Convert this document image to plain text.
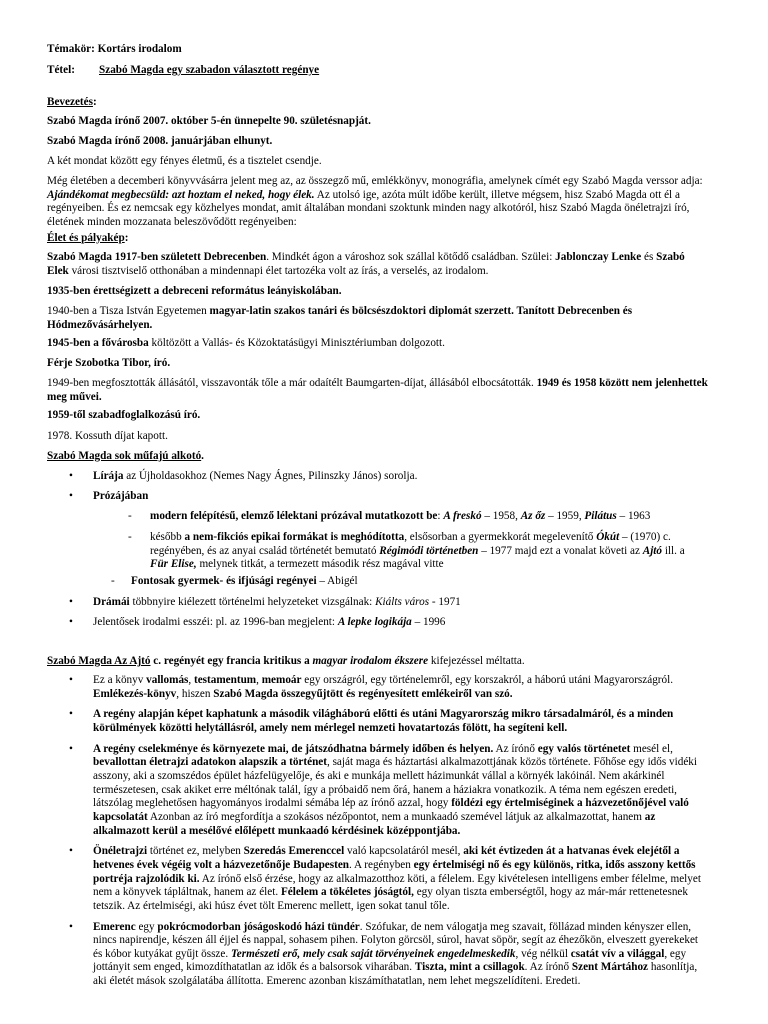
Témakör: Kortárs irodalom

Tétel: Szabó Magda egy szabadon választott regénye

Bevezetés:

Szabó Magda írónő 2007. október 5-én ünnepelte 90. születésnapját.

Szabó Magda írónő 2008. januárjában elhunyt.

A két mondat között egy fényes életmű, és a tisztelet csendje.

Még életében a decemberi könyvvásárra jelent meg az, az összegző mű, emlékkönyv, monográfia, amelynek címét egy Szabó Magda verssor adja: Ajándékomat megbecsüld: azt hoztam el neked, hogy élek. Az utolsó ige, azóta múlt időbe került, illetve mégsem, hisz Szabó Magda ott él a regényeiben. És ez nemcsak egy közhelyes mondat, amit általában mondani szoktunk minden nagy alkotóról, hisz Szabó Magda önéletrajzi író, életének minden mozzanata beleszövődött regényeiben:

Élet és pályakép:

Szabó Magda 1917-ben született Debrecenben. Mindkét ágon a városhoz sok szállal kötődő családban. Szülei: Jablonczay Lenke és Szabó Elek városi tisztviselő otthonában a mindennapi élet tartozéka volt az írás, a verselés, az irodalom.

1935-ben érettségizett a debreceni református leányiskolában.

1940-ben a Tisza István Egyetemen magyar-latin szakos tanári és bölcsészdoktori diplomát szerzett. Tanított Debrecenben és Hódmezővásárhelyen.

1945-ben a fővárosba költözött a Vallás- és Közoktatásügyi Minisztériumban dolgozott.

Férje Szobotka Tibor, író.

1949-ben megfosztották állásától, visszavonták tőle a már odaítélt Baumgarten-díjat, állásából elbocsátották. 1949 és 1958 között nem jelenhettek meg művei.

1959-től szabadfoglalkozású író.

1978. Kossuth díjat kapott.

Szabó Magda sok műfajú alkotó.

• Lírája az Újholdasokhoz (Nemes Nagy Ágnes, Pilinszky János) sorolja.
• Prózájában
- modern felépítésű, elemző lélektani prózával mutatkozott be: A freskó – 1958, Az őz – 1959, Pilátus – 1963
- később a nem-fikciós epikai formákat is meghódította, elsősorban a gyermekkorát megelevenítő Ókút – (1970) c. regényében, és az anyai család történetét bemutató Régimódi történetben – 1977 majd ezt a vonalat követi az Ajtó ill. a Für Elise, melynek titkát, a termezett második rész magával vitte
- Fontosak gyermek- és ifjúsági regényei – Abigél
• Drámái többnyire kiélezett történelmi helyzeteket vizsgálnak: Kiálts város - 1971
• Jelentősek irodalmi esszéi: pl. az 1996-ban megjelent: A lepke logikája – 1996

Szabó Magda Az Ajtó c. regényét egy francia kritikus a magyar irodalom ékszere kifejezéssel méltatta.

• Ez a könyv vallomás, testamentum, memoár egy országról, egy történelemről, egy korszakról, a háború utáni Magyarországról. Emlékezés-könyv, hiszen Szabó Magda összegyűjtött és regényesített emlékeiről van szó.
• A regény alapján képet kaphatunk a második világháború előtti és utáni Magyarország mikro társadalmáról, és a minden körülmények közötti helytállásról, amely nem mérlegel nemzeti hovatartozás fölött, ha segíteni kell.
• A regény cselekménye és környezete mai, de játszódhatna bármely időben és helyen. Az írónő egy valós történetet mesél el, bevallottan életrajzi adatokon alapszik a történet, saját maga és háztartási alkalmazottjának közös története. Főhőse egy idős vidéki asszony, aki a szomszédos épület házfelügyelője, és aki e munkája mellett házimunkát vállal a környék lakóinál. Nem akárkinél természetesen, csak akiket erre méltónak talál, így a próbaidő nem őrá, hanem a háziakra vonatkozik. A téma nem egészen eredeti, látszólag meglehetősen hagyományos irodalmi sémába lép az írónő azzal, hogy földézi egy értelmiséginek a házvezetőnőjével való kapcsolatát Azonban az író megfordítja a szokásos nézőpontot, nem a munkaadó szemével látjuk az alkalmazottat, hanem az alkalmazott kerül a mesélővé előlépett munkaadó kérdésinek középpontjába.
• Önéletrajzi történet ez, melyben Szeredás Emerenccel való kapcsolatáról mesél, aki két évtizeden át a hatvanas évek elejétől a hetvenes évek végéig volt a házvezetőnője Budapesten. A regényben egy értelmiségi nő és egy különös, ritka, idős asszony kettős portréja rajzolódik ki. Az írónő első érzése, hogy az alkalmazotthoz köti, a félelem. Egy kivételesen intelligens ember félelme, melyet nem a könyvek tápláltnak, hanem az élet. Félelem a tökéletes jóságtól, egy olyan tiszta emberségtől, hogy az már-már rettenetesnek tetszik. Az értelmiségi, aki húsz évet tölt Emerenc mellett, igen sokat tanul tőle.
• Emerenc egy pokrócmodorban jóságoskodó házi tündér. Szófukar, de nem válogatja meg szavait, föllázad minden kényszer ellen, nincs napirendje, készen áll éjjel és nappal, sohasem pihen. Folyton görcsöl, súrol, havat söpör, segít az éhezőkön, elveszett gyerekeket és kóbor kutyákat gyűjt össze. Természeti erő, mely csak saját törvényeinek engedelmeskedik, vég nélkül csatát vív a világgal, egy jottányit sem enged, kimozdíthatatlan az idők és a balsorsok viharában. Tiszta, mint a csillagok. Az írónő Szent Mártához hasonlítja, aki életét mások szolgálatába állította. Emerenc azonban kiszámíthatatlan, nem lehet megszelídíteni. Eredeti.
